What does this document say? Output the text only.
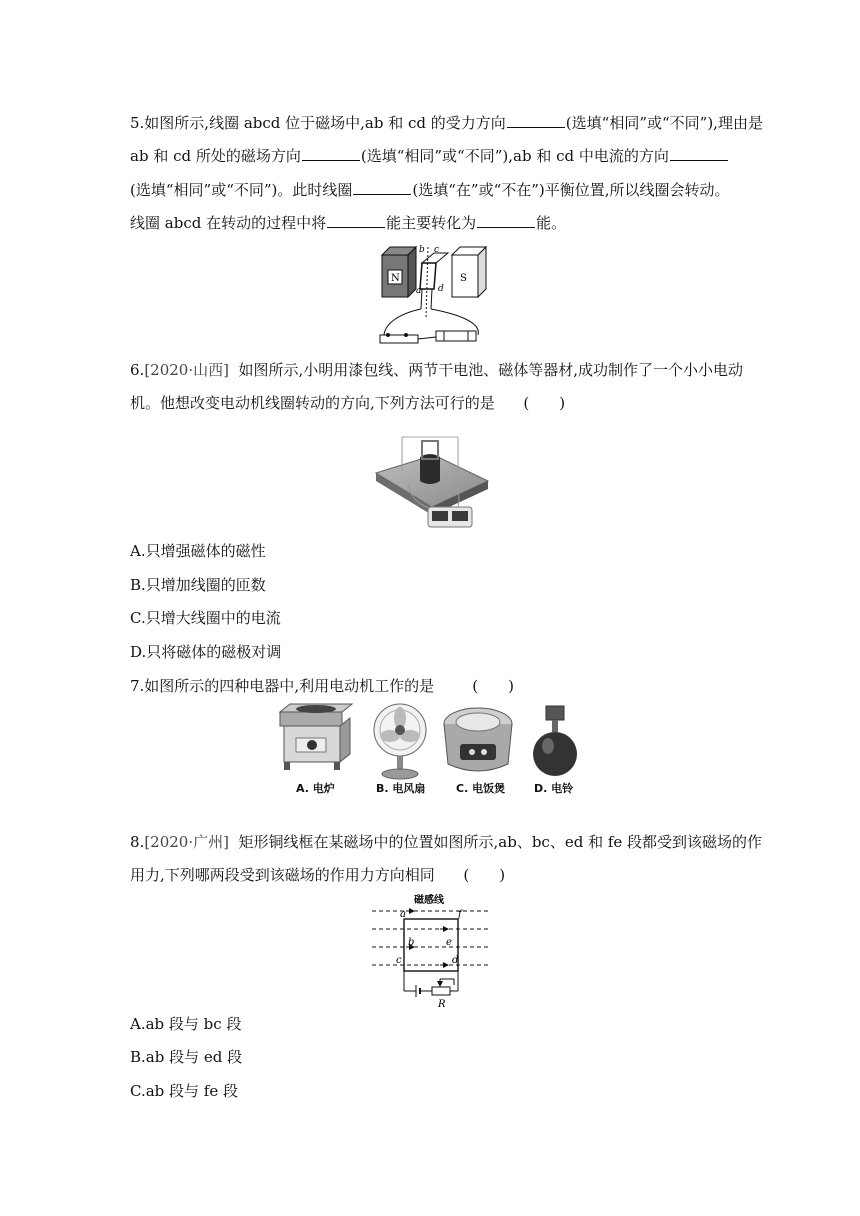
5.如图所示,线圈 abcd 位于磁场中,ab 和 cd 的受力方向	(选填“相同”或“不同”),理由是
ab 和 cd 所处的磁场方向	(选填“相同”或“不同”),ab 和 cd 中电流的方向
(选填“相同”或“不同”)。此时线圈	(选填“在”或“不在”)平衡位置,所以线圈会转动。
线圈 abcd 在转动的过程中将	能主要转化为	能。
N	S
b c
a d
6.[2020·山西] 如图所示,小明用漆包线、两节干电池、磁体等器材,成功制作了一个小小电动
机。他想改变电动机线圈转动的方向,下列方法可行的是 (　　)
A.只增强磁体的磁性
B.只增加线圈的匝数
C.只增大线圈中的电流
D.只将磁体的磁极对调
7.如图所示的四种电器中,利用电动机工作的是	(　　)
A. 电炉	B. 电风扇	C. 电饭煲	D. 电铃
8.[2020·广州] 矩形铜线框在某磁场中的位置如图所示,ab、bc、ed 和 fe 段都受到该磁场的作
用力,下列哪两段受到该磁场的作用力方向相同 (　　)
磁感线
a
b
c	d
e
f
R
A.ab 段与 bc 段
B.ab 段与 ed 段
C.ab 段与 fe 段
